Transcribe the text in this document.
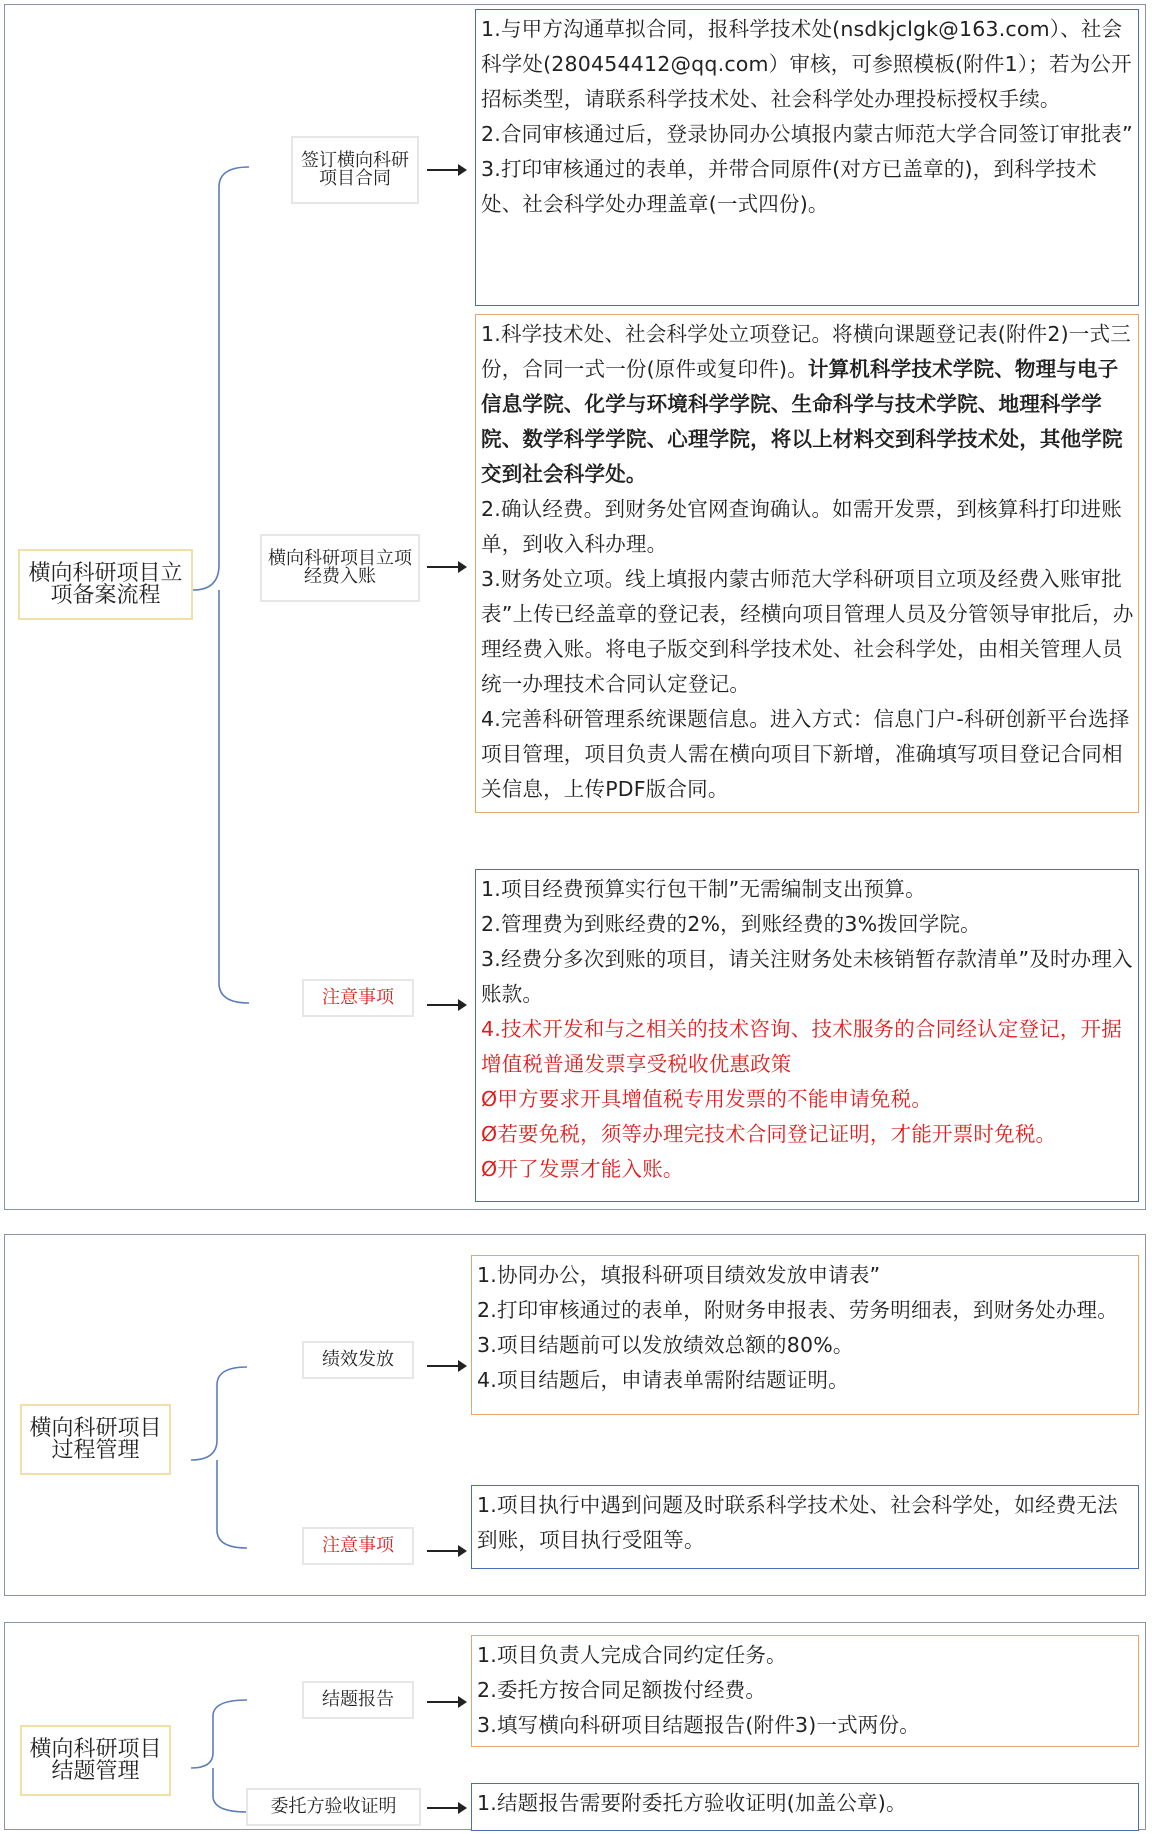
横向科研项目立项备案流程
签订横向科研项目合同

1.与甲方沟通草拟合同，报科学技术处(nsdkjclgk@163.com）、社会科学处(280454412@qq.com）审核，可参照模板(附件1）；若为公开招标类型，请联系科学技术处、社会科学处办理投标授权手续。

2.合同审核通过后，登录协同办公填报内蒙古师范大学合同签订审批表”

3.打印审核通过的表单，并带合同原件(对方已盖章的)，到科学技术处、社会科学处办理盖章(一式四份)。

横向科研项目立项经费入账

1.科学技术处、社会科学处立项登记。将横向课题登记表(附件2)一式三份，合同一式一份(原件或复印件)。计算机科学技术学院、物理与电子信息学院、化学与环境科学学院、生命科学与技术学院、地理科学学院、数学科学学院、心理学院，将以上材料交到科学技术处，其他学院交到社会科学处。

2.确认经费。到财务处官网查询确认。如需开发票，到核算科打印进账单，到收入科办理。

3.财务处立项。线上填报内蒙古师范大学科研项目立项及经费入账审批表”上传已经盖章的登记表，经横向项目管理人员及分管领导审批后，办理经费入账。将电子版交到科学技术处、社会科学处，由相关管理人员统一办理技术合同认定登记。

4.完善科研管理系统课题信息。进入方式：信息门户-科研创新平台选择项目管理，项目负责人需在横向项目下新增，准确填写项目登记合同相关信息，上传PDF版合同。

注意事项

1.项目经费预算实行包干制”无需编制支出预算。

2.管理费为到账经费的2%，到账经费的3%拨回学院。

3.经费分多次到账的项目，请关注财务处未核销暂存款清单”及时办理入账款。

4.技术开发和与之相关的技术咨询、技术服务的合同经认定登记，开据增值税普通发票享受税收优惠政策

Ø甲方要求开具增值税专用发票的不能申请免税。

Ø若要免税，须等办理完技术合同登记证明，才能开票时免税。

Ø开了发票才能入账。

横向科研项目过程管理
绩效发放

1.协同办公，填报科研项目绩效发放申请表”

2.打印审核通过的表单，附财务申报表、劳务明细表，到财务处办理。

3.项目结题前可以发放绩效总额的80%。

4.项目结题后，申请表单需附结题证明。

注意事项

1.项目执行中遇到问题及时联系科学技术处、社会科学处，如经费无法到账，项目执行受阻等。

横向科研项目结题管理
结题报告

1.项目负责人完成合同约定任务。

2.委托方按合同足额拨付经费。

3.填写横向科研项目结题报告(附件3)一式两份。

委托方验收证明	1.结题报告需要附委托方验收证明(加盖公章)。
